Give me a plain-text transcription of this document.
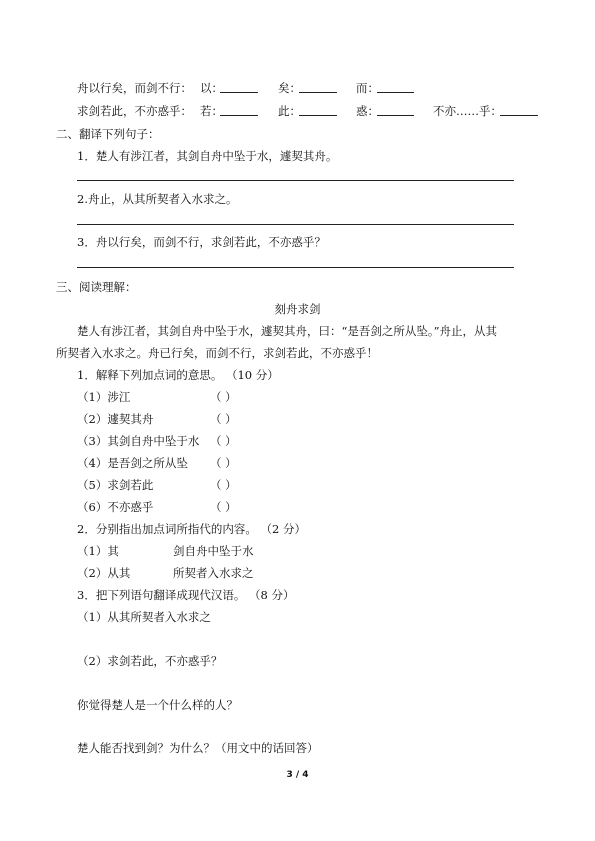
舟以行矣，而剑不行： 以：	矣：	而：
求剑若此，不亦惑乎： 若：	此：	惑：	不亦……乎：
二、翻译下列句子：
1．楚人有涉江者，其剑自舟中坠于水，遽契其舟。
2.舟止，从其所契者入水求之。
3．舟以行矣，而剑不行，求剑若此，不亦惑乎？
三、阅读理解：
刻舟求剑
楚人有涉江者，其剑自舟中坠于水，遽契其舟，曰：“是吾剑之所从坠。”舟止，从其
所契者入水求之。舟已行矣，而剑不行，求剑若此，不亦惑乎！
1．解释下列加点词的意思。 （10 分）
（1）涉江	（ ）
（2）遽契其舟	（ ）
（3）其剑自舟中坠于水 （ ）
（4）是吾剑之所从坠 （ ）
（5）求剑若此	（ ）
（6）不亦惑乎	（ ）
2．分别指出加点词所指代的内容。 （2 分）
（1）其	剑自舟中坠于水
（2）从其	所契者入水求之
3．把下列语句翻译成现代汉语。 （8 分）
（1）从其所契者入水求之
（2）求剑若此，不亦惑乎？
你觉得楚人是一个什么样的人？
楚人能否找到剑？为什么？（用文中的话回答）
3 / 4
